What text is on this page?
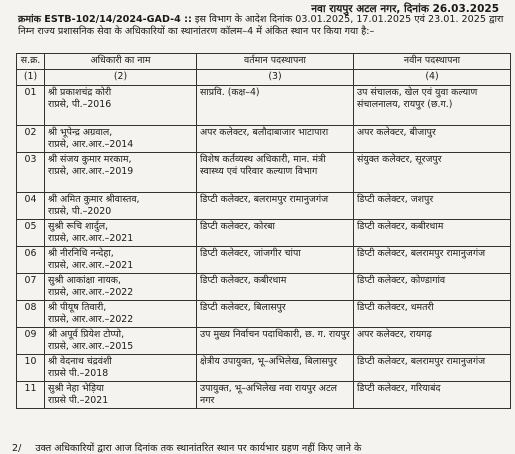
नवा रायपुर अटल नगर, दिनांक 26.03.2025
क्रमांक ESTB-102/14/2024-GAD-4 :: इस विभाग के आदेश दिनांक 03.01.2025, 17.01.2025 एवं 23.01. 2025 द्वारा निम्न राज्य प्रशासनिक सेवा के अधिकारियों का स्थानांतरण कॉलम–4 में अंकित स्थान पर किया गया है:–
स.क्र.	अधिकारी का नाम	वर्तमान पदस्थापना	नवीन पदस्थापना
(1)	(2)	(3)	(4)
01	श्री प्रकाशचंद्र कोरी
राप्रसे, पी.–2016	साप्रवि. (कक्ष–4)	उप संचालक, खेल एवं युवा कल्याण संचालनालय, रायपुर (छ.ग.)
02	श्री भूपेन्द्र अग्रवाल,
राप्रसे, आर.आर.–2014	अपर कलेक्टर, बलौदाबाजार भाटापारा	अपर कलेक्टर, बीजापुर
03	श्री संजय कुमार मरकाम,
राप्रसे, आर.आर.–2019	विशेष कर्तव्यस्थ अधिकारी, मान. मंत्री स्वास्थ्य एवं परिवार कल्याण विभाग	संयुक्त कलेक्टर, सूरजपुर
04	श्री अमित कुमार श्रीवास्तव,
राप्रसे, पी.–2020	डिप्टी कलेक्टर, बलरामपुर रामानुजगंज	डिप्टी कलेक्टर, जशपुर
05	सुश्री रूचि शार्दुल,
राप्रसे, आर.आर.–2021	डिप्टी कलेक्टर, कोरबा	डिप्टी कलेक्टर, कबीरधाम
06	श्री नीरनिधि नन्देहा,
राप्रसे, आर.आर.–2021	डिप्टी कलेक्टर, जांजगीर चांपा	डिप्टी कलेक्टर, बलरामपुर रामानुजगंज
07	सुश्री आकांक्षा नायक,
राप्रसे, आर.आर.–2022	डिप्टी कलेक्टर, कबीरधाम	डिप्टी कलेक्टर, कोण्डागांव
08	श्री पीयूष तिवारी,
राप्रसे, आर.आर.–2022	डिप्टी कलेक्टर, बिलासपुर	डिप्टी कलेक्टर, धमतरी
09	श्री अपूर्व प्रियेश टोप्पो,
राप्रसे, आर.आर.–2015	उप मुख्य निर्वाचन पदाधिकारी, छ. ग. रायपुर	अपर कलेक्टर, रायगढ़
10	श्री वेदनाथ चंद्रवंशी
राप्रसे पी.–2018	क्षेत्रीय उपायुक्त, भू–अभिलेख, बिलासपुर	डिप्टी कलेक्टर, बलरामपुर रामानुजगंज
11	सुश्री नेहा भेड़िया
राप्रसे पी.–2021	उपायुक्त, भू–अभिलेख नवा रायपुर अटल नगर	डिप्टी कलेक्टर, गरियाबंद
2/ उक्त अधिकारियों द्वारा आज दिनांक तक स्थानांतरित स्थान पर कार्यभार ग्रहण नहीं किए जाने के
